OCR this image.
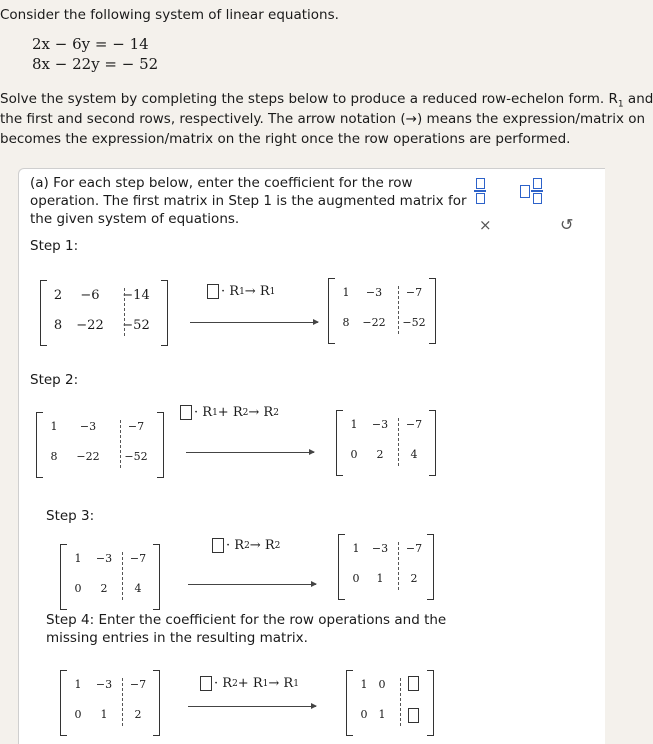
Consider the following system of linear equations.
2x − 6y = − 14
8x − 22y = − 52
Solve the system by completing the steps below to produce a reduced row-echelon form. $R_1$ and
the first and second rows, respectively. The arrow notation (→) means the expression/matrix on
becomes the expression/matrix on the right once the row operations are performed.
(a) For each step below, enter the coefficient for the row
operation. The first matrix in Step 1 is the augmented matrix for
the given system of equations.	×	↺
Step 1:
2	−6	−14
8	−22 −52
· R 1 → R 1	1	−3	−7
8	−22 −52
Step 2:
1	−3	−7
8	−22 −52
· R 1 + R 2 → R 2
1	−3	−7
0	2	4
Step 3:
1	−3	−7
0	2	4
· R 2 → R 2	1	−3	−7
0	1	2
Step 4: Enter the coefficient for the row operations and the
missing entries in the resulting matrix.
1	−3	−7
0	1	2
· R 2 + R 1 → R 1	1	0
0	1
